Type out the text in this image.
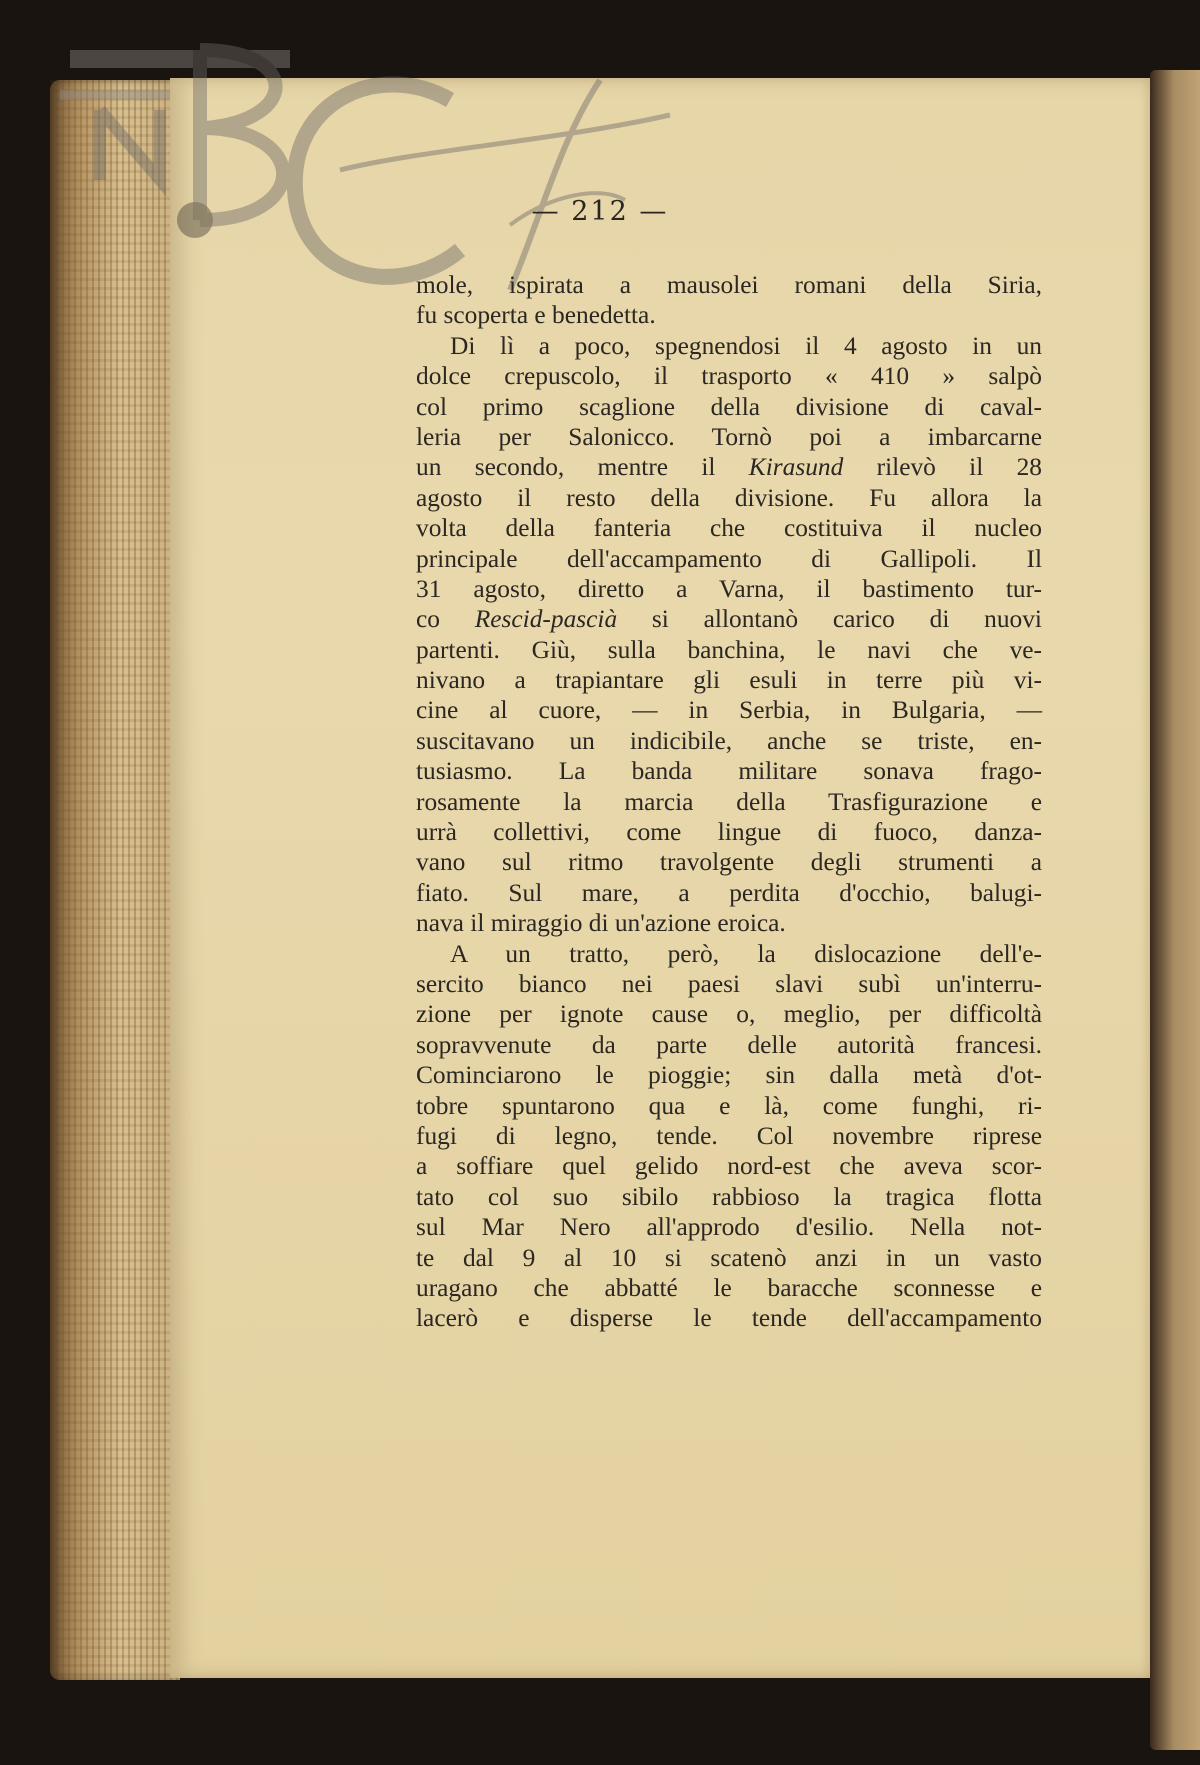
— 212 —
mole, ispirata a mausolei romani della Siria,
fu scoperta e benedetta.
Di lì a poco, spegnendosi il 4 agosto in un
dolce crepuscolo, il trasporto « 410 » salpò
col primo scaglione della divisione di caval-
leria per Salonicco. Tornò poi a imbarcarne
un secondo, mentre il Kirasund rilevò il 28
agosto il resto della divisione. Fu allora la
volta della fanteria che costituiva il nucleo
principale dell'accampamento di Gallipoli. Il
31 agosto, diretto a Varna, il bastimento tur-
co Rescid-pascià si allontanò carico di nuovi
partenti. Giù, sulla banchina, le navi che ve-
nivano a trapiantare gli esuli in terre più vi-
cine al cuore, — in Serbia, in Bulgaria, —
suscitavano un indicibile, anche se triste, en-
tusiasmo. La banda militare sonava frago-
rosamente la marcia della Trasfigurazione e
urrà collettivi, come lingue di fuoco, danza-
vano sul ritmo travolgente degli strumenti a
fiato. Sul mare, a perdita d'occhio, balugi-
nava il miraggio di un'azione eroica.
A un tratto, però, la dislocazione dell'e-
sercito bianco nei paesi slavi subì un'interru-
zione per ignote cause o, meglio, per difficoltà
sopravvenute da parte delle autorità francesi.
Cominciarono le pioggie; sin dalla metà d'ot-
tobre spuntarono qua e là, come funghi, ri-
fugi di legno, tende. Col novembre riprese
a soffiare quel gelido nord-est che aveva scor-
tato col suo sibilo rabbioso la tragica flotta
sul Mar Nero all'approdo d'esilio. Nella not-
te dal 9 al 10 si scatenò anzi in un vasto
uragano che abbatté le baracche sconnesse e
lacerò e disperse le tende dell'accampamento
